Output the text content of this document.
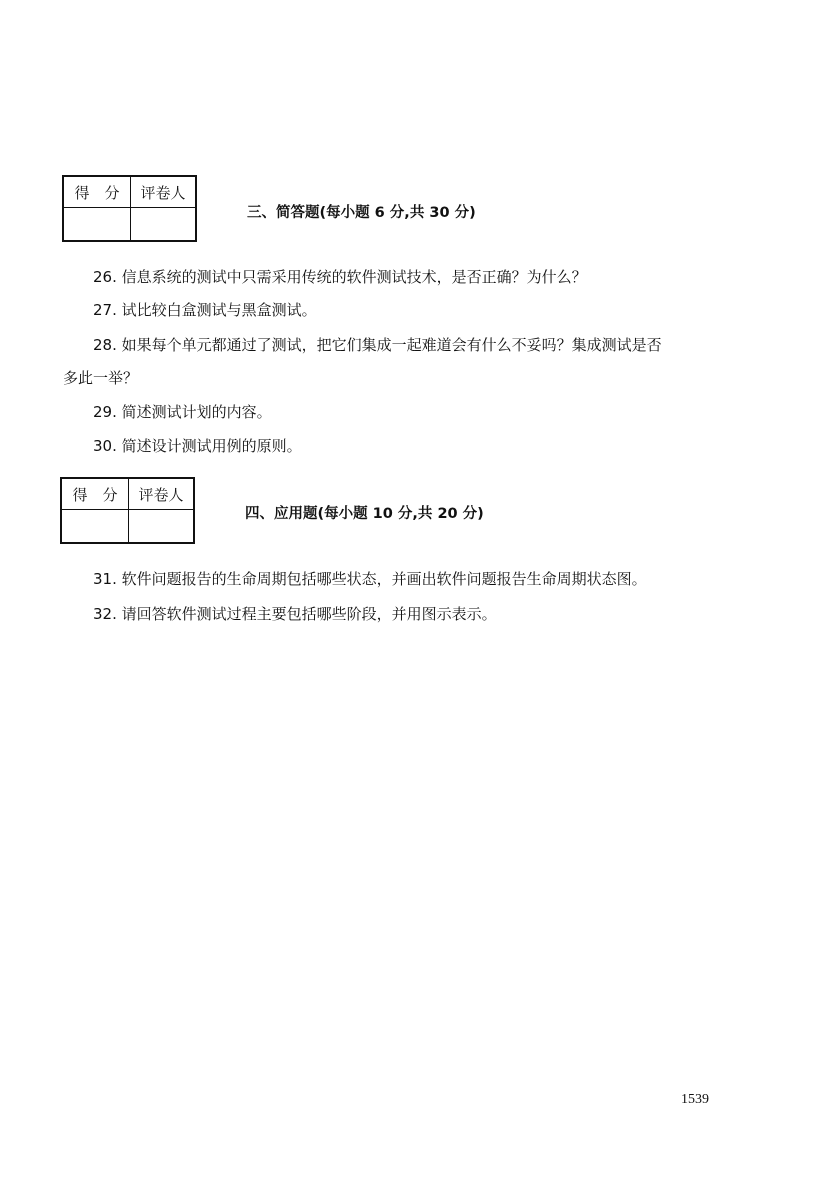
得　分	评卷人

三、简答题(每小题 6 分,共 30 分)
26. 信息系统的测试中只需采用传统的软件测试技术，是否正确？为什么？
27. 试比较白盒测试与黑盒测试。
28. 如果每个单元都通过了测试，把它们集成一起难道会有什么不妥吗？集成测试是否
多此一举？
29. 简述测试计划的内容。
30. 简述设计测试用例的原则。
得　分	评卷人

四、应用题(每小题 10 分,共 20 分)
31. 软件问题报告的生命周期包括哪些状态，并画出软件问题报告生命周期状态图。
32. 请回答软件测试过程主要包括哪些阶段，并用图示表示。
1539
